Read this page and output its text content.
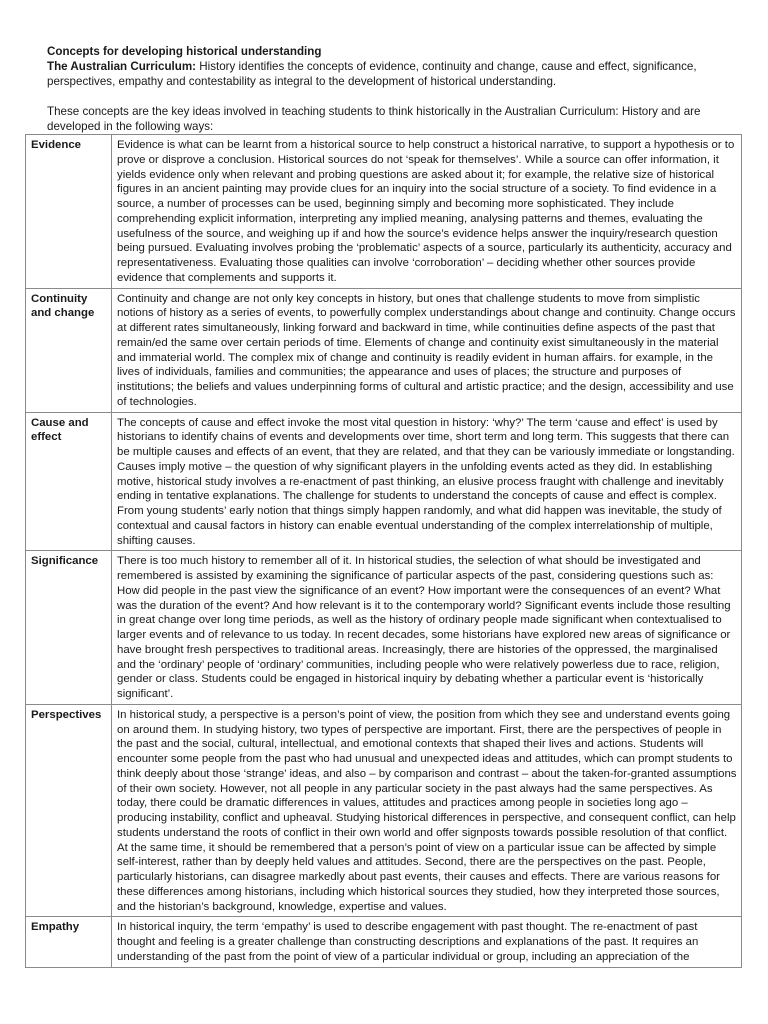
Concepts for developing historical understanding
The Australian Curriculum: History identifies the concepts of evidence, continuity and change, cause and effect, significance, perspectives, empathy and contestability as integral to the development of historical understanding.
These concepts are the key ideas involved in teaching students to think historically in the Australian Curriculum: History and are developed in the following ways:
Evidence	Evidence is what can be learnt from a historical source to help construct a historical narrative, to support a hypothesis or to prove or disprove a conclusion. Historical sources do not ‘speak for themselves’. While a source can offer information, it yields evidence only when relevant and probing questions are asked about it; for example, the relative size of historical figures in an ancient painting may provide clues for an inquiry into the social structure of a society. To find evidence in a source, a number of processes can be used, beginning simply and becoming more sophisticated. They include comprehending explicit information, interpreting any implied meaning, analysing patterns and themes, evaluating the usefulness of the source, and weighing up if and how the source’s evidence helps answer the inquiry/research question being pursued. Evaluating involves probing the ‘problematic’ aspects of a source, particularly its authenticity, accuracy and representativeness. Evaluating those qualities can involve ‘corroboration’ – deciding whether other sources provide evidence that complements and supports it.
Continuity and change	Continuity and change are not only key concepts in history, but ones that challenge students to move from simplistic notions of history as a series of events, to powerfully complex understandings about change and continuity. Change occurs at different rates simultaneously, linking forward and backward in time, while continuities define aspects of the past that remain/ed the same over certain periods of time. Elements of change and continuity exist simultaneously in the material and immaterial world. The complex mix of change and continuity is readily evident in human affairs. for example, in the lives of individuals, families and communities; the appearance and uses of places; the structure and purposes of institutions; the beliefs and values underpinning forms of cultural and artistic practice; and the design, accessibility and use of technologies.
Cause and effect	The concepts of cause and effect invoke the most vital question in history: ‘why?’ The term ‘cause and effect’ is used by historians to identify chains of events and developments over time, short term and long term. This suggests that there can be multiple causes and effects of an event, that they are related, and that they can be variously immediate or longstanding. Causes imply motive – the question of why significant players in the unfolding events acted as they did. In establishing motive, historical study involves a re-enactment of past thinking, an elusive process fraught with challenge and inevitably ending in tentative explanations. The challenge for students to understand the concepts of cause and effect is complex. From young students’ early notion that things simply happen randomly, and what did happen was inevitable, the study of contextual and causal factors in history can enable eventual understanding of the complex interrelationship of multiple, shifting causes.
Significance	There is too much history to remember all of it. In historical studies, the selection of what should be investigated and remembered is assisted by examining the significance of particular aspects of the past, considering questions such as: How did people in the past view the significance of an event? How important were the consequences of an event? What was the duration of the event? And how relevant is it to the contemporary world? Significant events include those resulting in great change over long time periods, as well as the history of ordinary people made significant when contextualised to larger events and of relevance to us today. In recent decades, some historians have explored new areas of significance or have brought fresh perspectives to traditional areas. Increasingly, there are histories of the oppressed, the marginalised and the ‘ordinary’ people of ‘ordinary’ communities, including people who were relatively powerless due to race, religion, gender or class. Students could be engaged in historical inquiry by debating whether a particular event is ‘historically significant’.
Perspectives	In historical study, a perspective is a person’s point of view, the position from which they see and understand events going on around them. In studying history, two types of perspective are important. First, there are the perspectives of people in the past and the social, cultural, intellectual, and emotional contexts that shaped their lives and actions. Students will encounter some people from the past who had unusual and unexpected ideas and attitudes, which can prompt students to think deeply about those ‘strange’ ideas, and also – by comparison and contrast – about the taken-for-granted assumptions of their own society. However, not all people in any particular society in the past always had the same perspectives. As today, there could be dramatic differences in values, attitudes and practices among people in societies long ago – producing instability, conflict and upheaval. Studying historical differences in perspective, and consequent conflict, can help students understand the roots of conflict in their own world and offer signposts towards possible resolution of that conflict. At the same time, it should be remembered that a person’s point of view on a particular issue can be affected by simple self-interest, rather than by deeply held values and attitudes. Second, there are the perspectives on the past. People, particularly historians, can disagree markedly about past events, their causes and effects. There are various reasons for these differences among historians, including which historical sources they studied, how they interpreted those sources, and the historian’s background, knowledge, expertise and values.
Empathy	In historical inquiry, the term ‘empathy’ is used to describe engagement with past thought. The re-enactment of past thought and feeling is a greater challenge than constructing descriptions and explanations of the past. It requires an understanding of the past from the point of view of a particular individual or group, including an appreciation of the
